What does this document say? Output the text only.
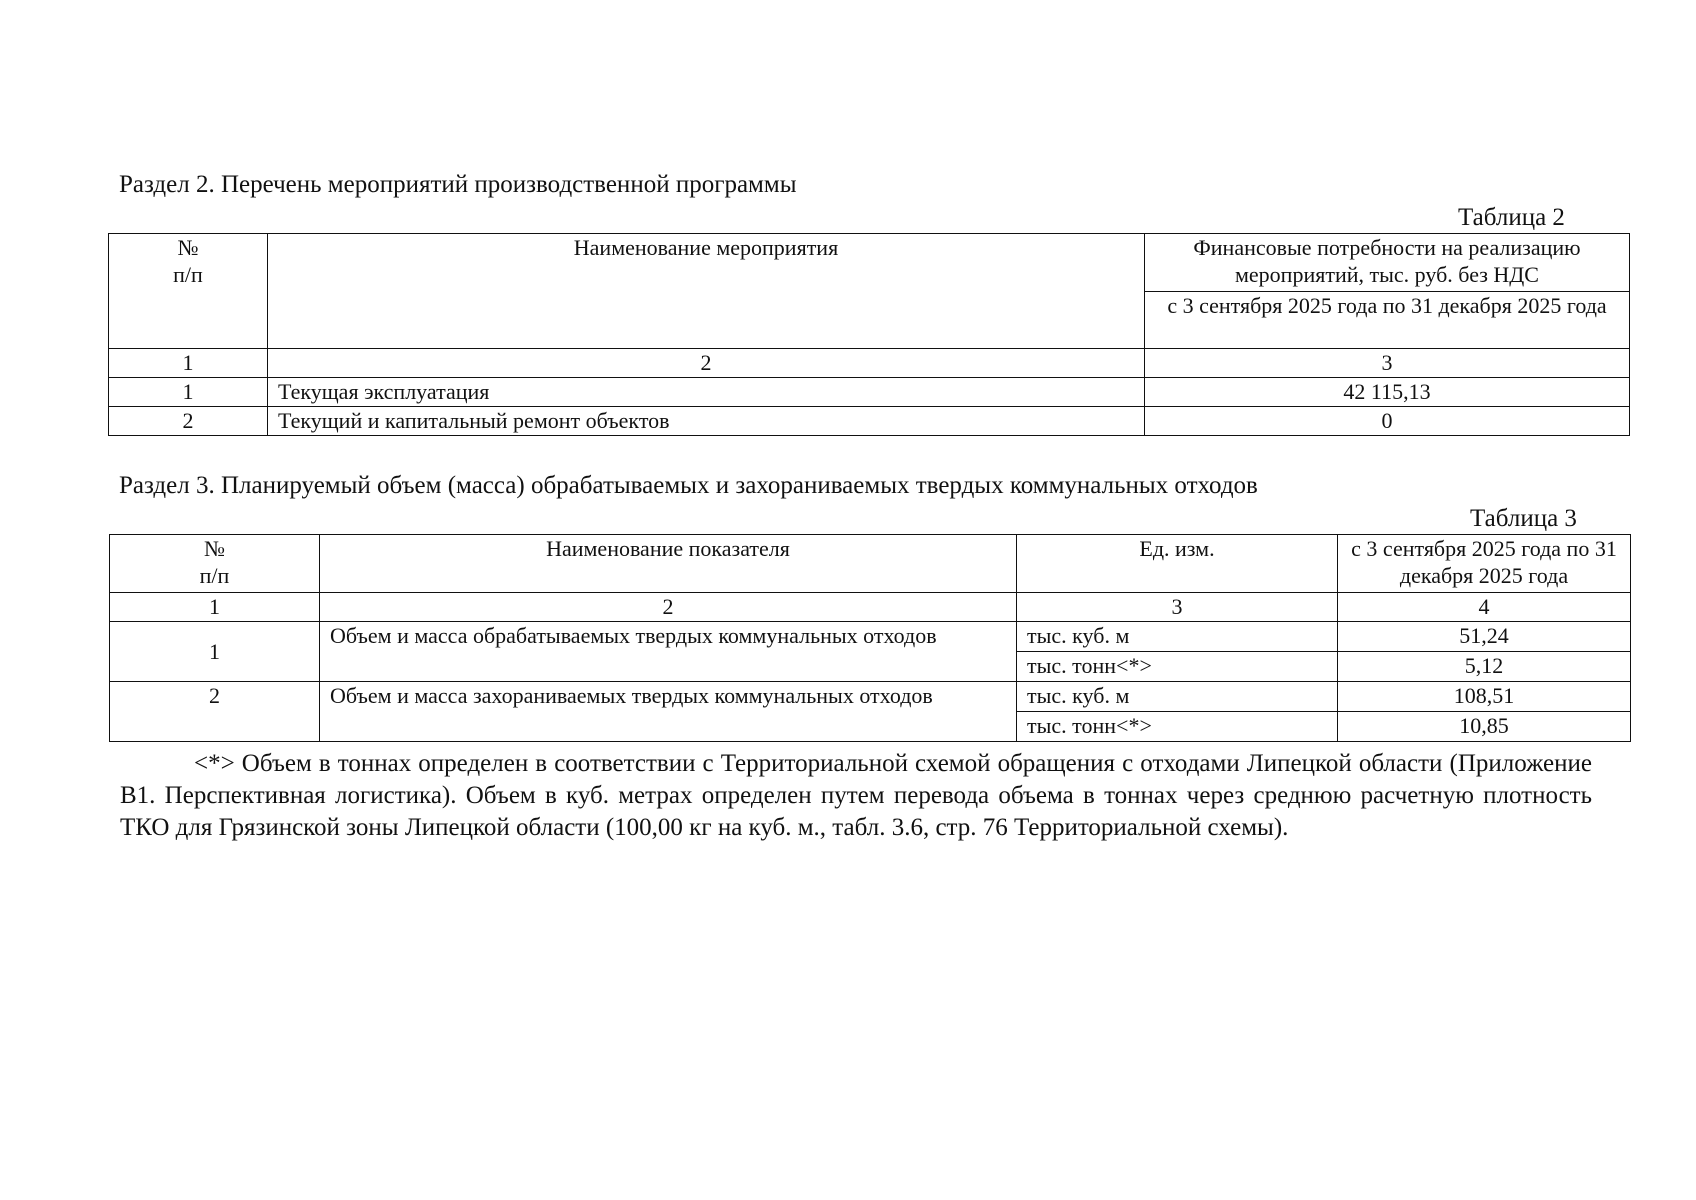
Раздел 2. Перечень мероприятий производственной программы
Таблица 2
№
п/п	Наименование мероприятия	Финансовые потребности на реализацию мероприятий, тыс. руб. без НДС
		с 3 сентября 2025 года по 31 декабря 2025 года
1	2	3
1	Текущая эксплуатация	42 115,13
2	Текущий и капитальный ремонт объектов	0
Раздел 3. Планируемый объем (масса) обрабатываемых и захораниваемых твердых коммунальных отходов
Таблица 3
№
п/п	Наименование показателя	Ед. изм.	с 3 сентября 2025 года по 31 декабря 2025 года
1	2	3	4
1	Объем и масса обрабатываемых твердых коммунальных отходов	тыс. куб. м	51,24
		тыс. тонн<*>	5,12
2	Объем и масса захораниваемых твердых коммунальных отходов	тыс. куб. м	108,51
		тыс. тонн<*>	10,85
<*> Объем в тоннах определен в соответствии с Территориальной схемой обращения с отходами Липецкой области (Приложение В1. Перспективная логистика). Объем в куб. метрах определен путем перевода объема в тоннах через среднюю расчетную плотность ТКО для Грязинской зоны Липецкой области (100,00 кг на куб. м., табл. 3.6, стр. 76 Территориальной схемы).
